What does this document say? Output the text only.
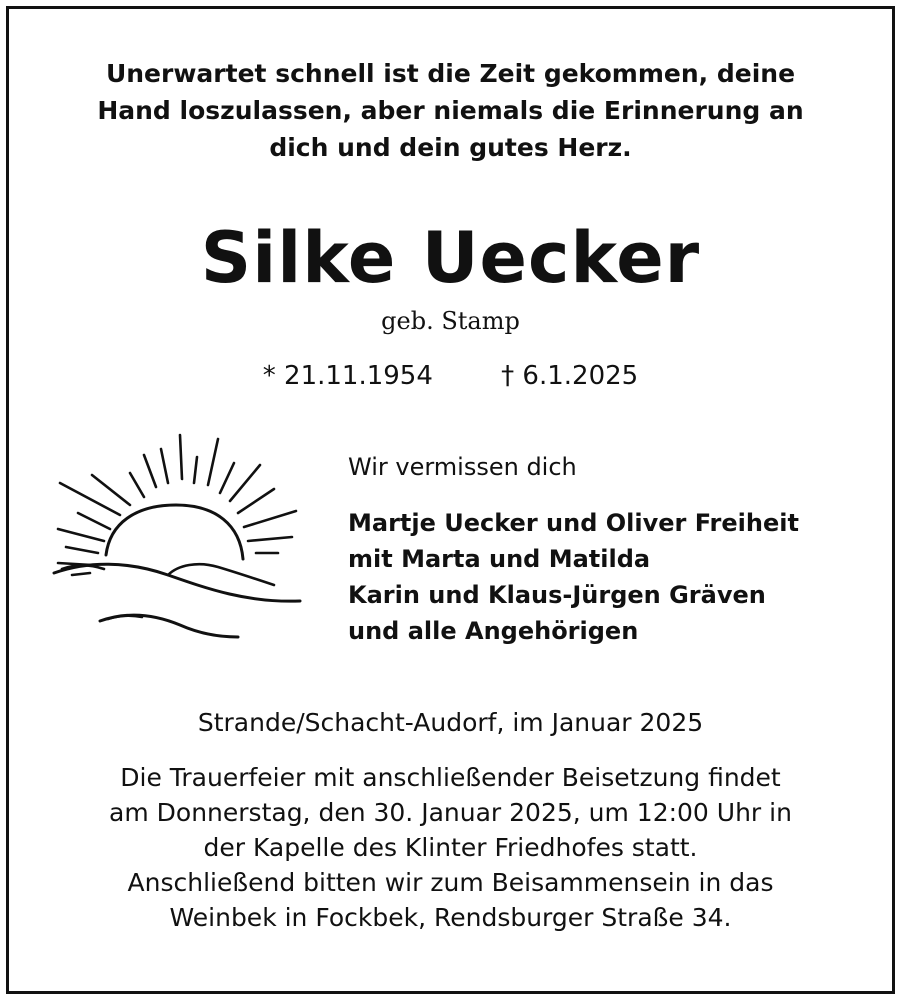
Unerwartet schnell ist die Zeit gekommen, deine
Hand loszulassen, aber niemals die Erinnerung an
dich und dein gutes Herz.
Silke Uecker
geb. Stamp
* 21.11.1954	† 6.1.2025
Wir vermissen dich
Martje Uecker und Oliver Freiheit
mit Marta und Matilda
Karin und Klaus-Jürgen Gräven
und alle Angehörigen
Strande/Schacht-Audorf, im Januar 2025
Die Trauerfeier mit anschließender Beisetzung findet
am Donnerstag, den 30. Januar 2025, um 12:00 Uhr in
der Kapelle des Klinter Friedhofes statt.
Anschließend bitten wir zum Beisammensein in das
Weinbek in Fockbek, Rendsburger Straße 34.
